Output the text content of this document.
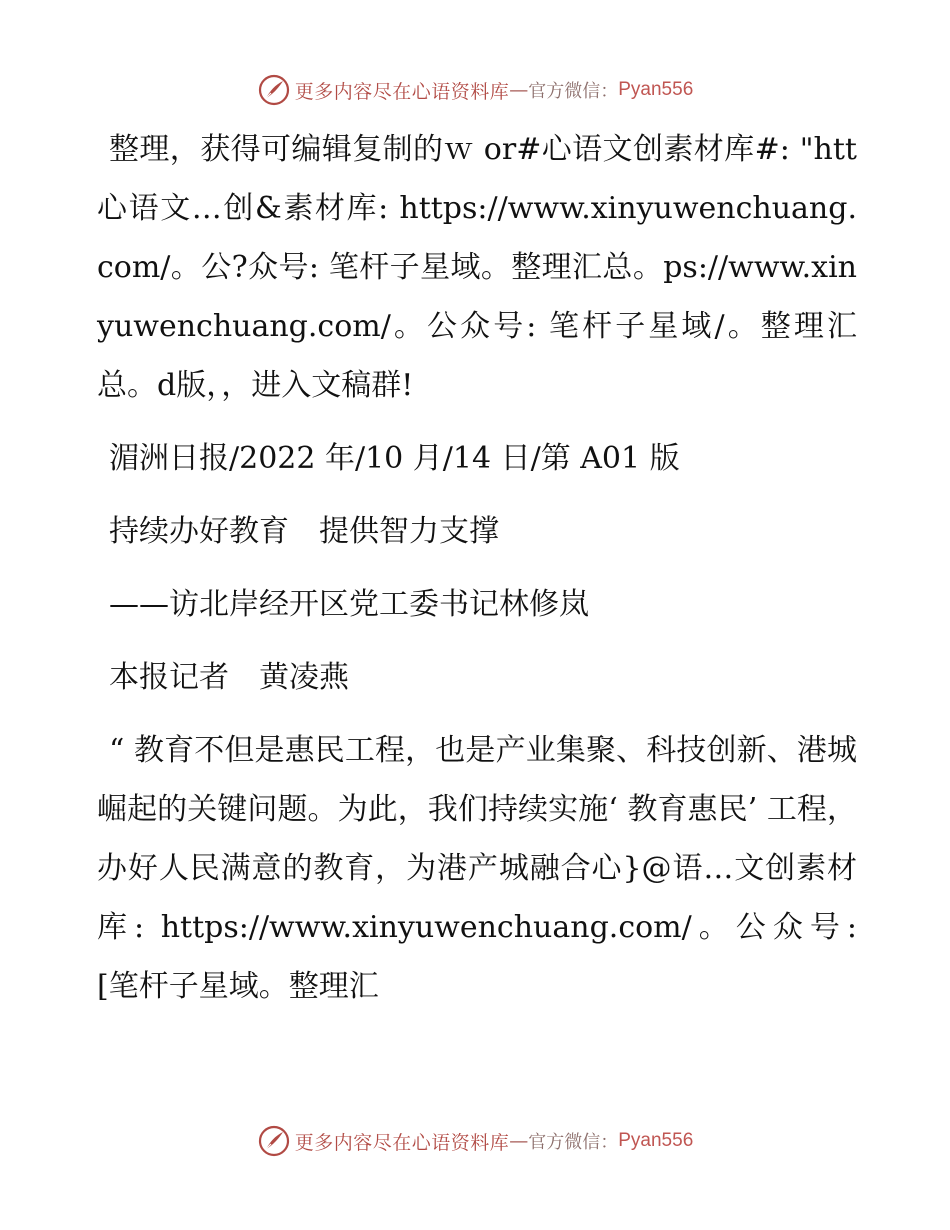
更多内容尽在心语资料库 — 官方微信： Pyan556

整理，获得可编辑复制的ｗ or#心语文创素材库#: "htt心语文…创&素材库: https://www.xinyuwenchuang.com/。公?众号: 笔杆子星域。整理汇总。ps://www.xinyuwenchuang.com/。公众号: 笔杆子星域/。整理汇总。d版，，进入文稿群!

湄洲日报/2022 年/10 月/14 日/第 A01 版
持续办好教育　提供智力支撑
——访北岸经开区党工委书记林修岚
本报记者　黄凌燕

“ 教育不但是惠民工程，也是产业集聚、科技创新、港城崛起的关键问题。为此，我们持续实施‘ 教育惠民’ 工程，办好人民满意的教育，为港产城融合心}@语…文创素材库: https://www.xinyuwenchuang.com/。公众号: [笔杆子星域。整理汇

更多内容尽在心语资料库 — 官方微信： Pyan556
